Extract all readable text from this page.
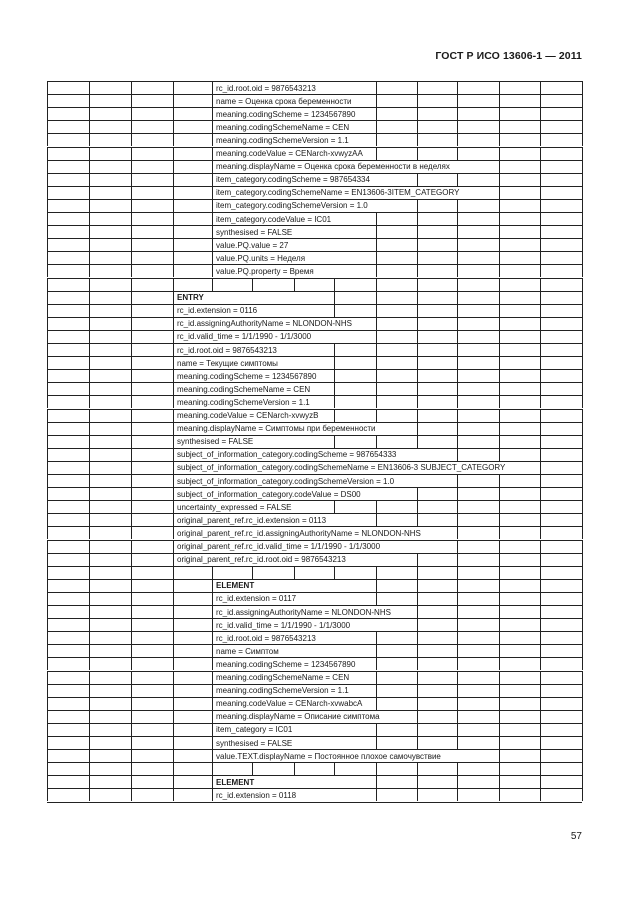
ГОСТ Р ИСО 13606-1 — 2011
rc_id.root.oid = 9876543213
name = Оценка срока беременности
meaning.codingScheme = 1234567890
meaning.codingSchemeName = CEN
meaning.codingSchemeVersion = 1.1
meaning.codeValue = CENarch-xvwyzAA
meaning.displayName = Оценка срока беременности в неделях
item_category.codingScheme = 987654334
item_category.codingSchemeName = EN13606-3ITEM_CATEGORY
item_category.codingSchemeVersion = 1.0
item_category.codeValue = IC01
synthesised = FALSE
value.PQ.value = 27
value.PQ.units = Неделя
value.PQ.property = Время
ENTRY
rc_id.extension = 0116
rc_id.assigningAuthorityName = NLONDON-NHS
rc_id.valid_time = 1/1/1990 - 1/1/3000
rc_id.root.oid = 9876543213
name = Текущие симптомы
meaning.codingScheme = 1234567890
meaning.codingSchemeName = CEN
meaning.codingSchemeVersion = 1.1
meaning.codeValue = CENarch-xvwyzB
meaning.displayName = Симптомы при беременности
synthesised = FALSE
subject_of_information_category.codingScheme = 987654333
subject_of_information_category.codingSchemeName = EN13606-3 SUBJECT_CATEGORY
subject_of_information_category.codingSchemeVersion = 1.0
subject_of_information_category.codeValue = DS00
uncertainty_expressed = FALSE
original_parent_ref.rc_id.extension = 0113
original_parent_ref.rc_id.assigningAuthorityName = NLONDON-NHS
original_parent_ref.rc_id.valid_time = 1/1/1990 - 1/1/3000
original_parent_ref.rc_id.root.oid = 9876543213
ELEMENT
rc_id.extension = 0117
rc_id.assigningAuthorityName = NLONDON-NHS
rc_id.valid_time = 1/1/1990 - 1/1/3000
rc_id.root.oid = 9876543213
name = Симптом
meaning.codingScheme = 1234567890
meaning.codingSchemeName = CEN
meaning.codingSchemeVersion = 1.1
meaning.codeValue = CENarch-xvwabcA
meaning.displayName = Описание симптома
item_category = IC01
synthesised = FALSE
value.TEXT.displayName = Постоянное плохое самочувствие
ELEMENT
rc_id.extension = 0118
57
